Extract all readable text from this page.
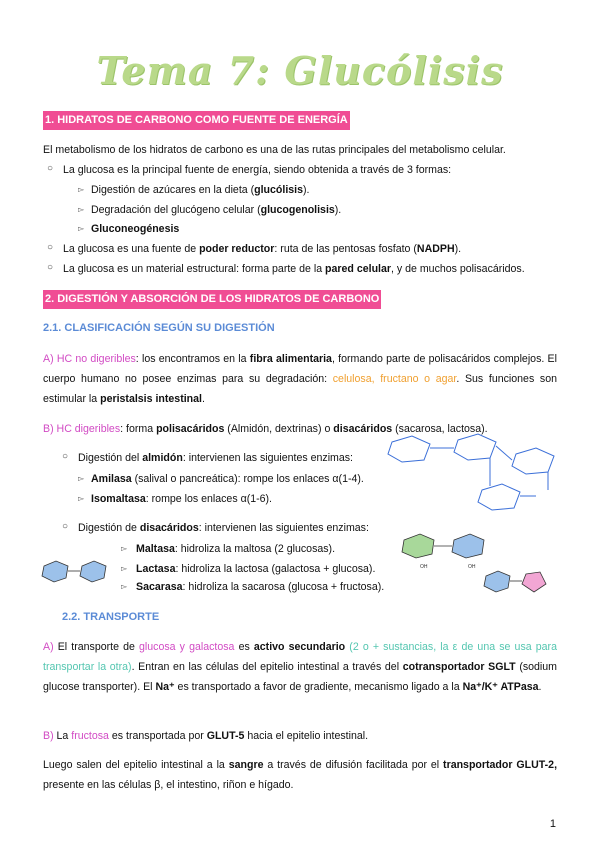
Tema 7: Glucólisis
1. HIDRATOS DE CARBONO COMO FUENTE DE ENERGÍA
El metabolismo de los hidratos de carbono es una de las rutas principales del metabolismo celular.
○ La glucosa es la principal fuente de energía, siendo obtenida a través de 3 formas:
▻ Digestión de azúcares en la dieta (glucólisis).
▻ Degradación del glucógeno celular (glucogenolisis).
▻ Gluconeogénesis
○ La glucosa es una fuente de poder reductor: ruta de las pentosas fosfato (NADPH).
○ La glucosa es un material estructural: forma parte de la pared celular, y de muchos polisacáridos.
2. DIGESTIÓN Y ABSORCIÓN DE LOS HIDRATOS DE CARBONO
2.1. CLASIFICACIÓN SEGÚN SU DIGESTIÓN
A) HC no digeribles: los encontramos en la fibra alimentaria, formando parte de polisacáridos complejos. El cuerpo humano no posee enzimas para su degradación: celulosa, fructano o agar. Sus funciones son estimular la peristalsis intestinal.
B) HC digeribles: forma polisacáridos (Almidón, dextrinas) o disacáridos (sacarosa, lactosa).
○ Digestión del almidón: intervienen las siguientes enzimas:
▻ Amilasa (salival o pancreática): rompe los enlaces α(1-4).
▻ Isomaltasa: rompe los enlaces α(1-6).
○ Digestión de disacáridos: intervienen las siguientes enzimas:
▻ Maltasa: hidroliza la maltosa (2 glucosas).
▻ Lactasa: hidroliza la lactosa (galactosa + glucosa).
▻ Sacarasa: hidroliza la sacarosa (glucosa + fructosa).
2.2. TRANSPORTE
A) El transporte de glucosa y galactosa es activo secundario (2 o + sustancias, la ε de una se usa para transportar la otra). Entran en las células del epitelio intestinal a través del cotransportador SGLT (sodium glucose transporter). El Na⁺ es transportado a favor de gradiente, mecanismo ligado a la Na⁺/K⁺ ATPasa.
B) La fructosa es transportada por GLUT-5 hacia el epitelio intestinal.
Luego salen del epitelio intestinal a la sangre a través de difusión facilitada por el transportador GLUT-2, presente en las células β, el intestino, riñon e hígado.
1
OH	OH
